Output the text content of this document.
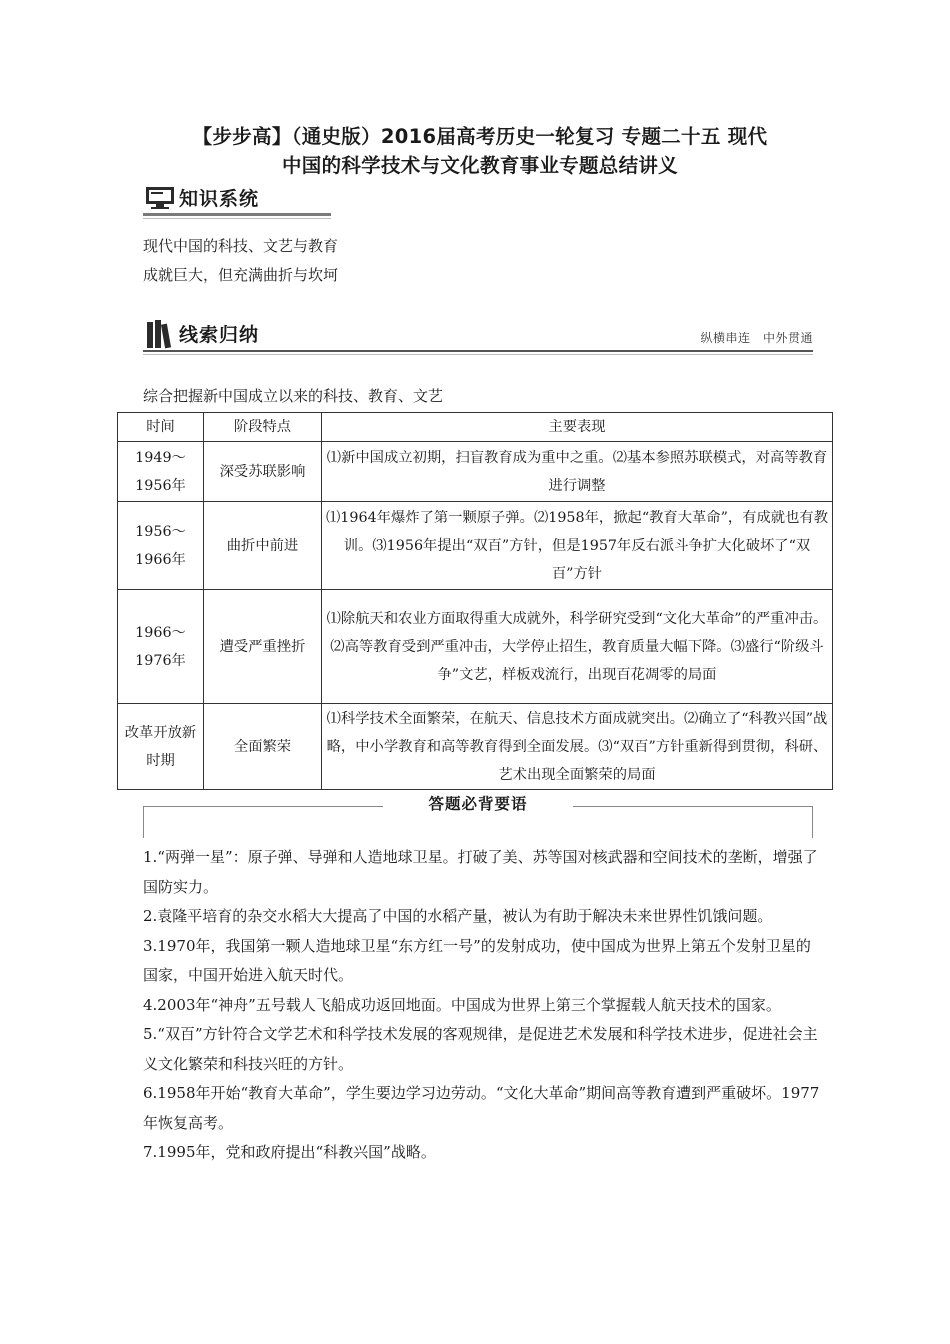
【步步高】（通史版）2016届高考历史一轮复习 专题二十五 现代
中国的科学技术与文化教育事业专题总结讲义
知识系统
现代中国的科技、文艺与教育
成就巨大，但充满曲折与坎坷
线索归纳	纵横串连　中外贯通
综合把握新中国成立以来的科技、教育、文艺
时间	阶段特点	主要表现
1949～1956年	深受苏联影响	⑴新中国成立初期，扫盲教育成为重中之重。⑵基本参照苏联模式，对高等教育进行调整
1956～1966年	曲折中前进	⑴1964年爆炸了第一颗原子弹。⑵1958年，掀起“教育大革命”，有成就也有教训。⑶1956年提出“双百”方针，但是1957年反右派斗争扩大化破坏了“双百”方针
1966～1976年	遭受严重挫折	⑴除航天和农业方面取得重大成就外，科学研究受到“文化大革命”的严重冲击。⑵高等教育受到严重冲击，大学停止招生，教育质量大幅下降。⑶盛行“阶级斗争”文艺，样板戏流行，出现百花凋零的局面
改革开放新时期	全面繁荣	⑴科学技术全面繁荣，在航天、信息技术方面成就突出。⑵确立了“科教兴国”战略，中小学教育和高等教育得到全面发展。⑶“双百”方针重新得到贯彻，科研、艺术出现全面繁荣的局面
答题必背要语

1.“两弹一星”：原子弹、导弹和人造地球卫星。打破了美、苏等国对核武器和空间技术的垄断，增强了国防实力。

2.袁隆平培育的杂交水稻大大提高了中国的水稻产量，被认为有助于解决未来世界性饥饿问题。

3.1970年，我国第一颗人造地球卫星“东方红一号”的发射成功，使中国成为世界上第五个发射卫星的国家，中国开始进入航天时代。

4.2003年“神舟”五号载人飞船成功返回地面。中国成为世界上第三个掌握载人航天技术的国家。

5.“双百”方针符合文学艺术和科学技术发展的客观规律，是促进艺术发展和科学技术进步，促进社会主义文化繁荣和科技兴旺的方针。

6.1958年开始“教育大革命”，学生要边学习边劳动。“文化大革命”期间高等教育遭到严重破坏。1977年恢复高考。

7.1995年，党和政府提出“科教兴国”战略。
